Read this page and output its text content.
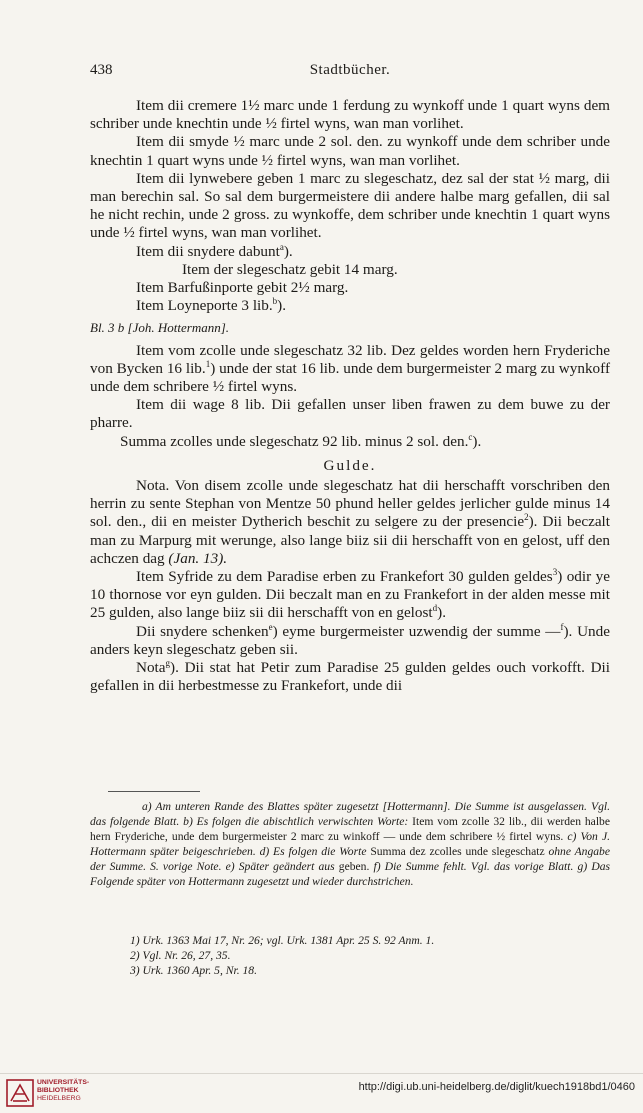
438	Stadtbücher.

Item dii cremere 1½ marc unde 1 ferdung zu wynkoff unde 1 quart wyns dem schriber unde knechtin unde ½ firtel wyns, wan man vorlihet.

Item dii smyde ½ marc unde 2 sol. den. zu wynkoff unde dem schriber unde knechtin 1 quart wyns unde ½ firtel wyns, wan man vorlihet.

Item dii lynwebere geben 1 marc zu slegeschatz, dez sal der stat ½ marg, dii man berechin sal. So sal dem burgermeistere dii andere halbe marg gefallen, dii sal he nicht rechin, unde 2 gross. zu wynkoffe, dem schriber unde knechtin 1 quart wyns unde ½ firtel wyns, wan man vorlihet.

Item dii snydere dabunt$^a$).

Item der slegeschatz gebit 14 marg.

Item Barfußinporte gebit 2½ marg.

Item Loyneporte 3 lib.$^b$).

Bl. 3 b [Joh. Hottermann].

Item vom zcolle unde slegeschatz 32 lib. Dez geldes worden hern Fryderiche von Bycken 16 lib.$^1$) unde der stat 16 lib. unde dem burgermeister 2 marg zu wynkoff unde dem schribere ½ firtel wyns.

Item dii wage 8 lib. Dii gefallen unser liben frawen zu dem buwe zu der pharre.

Summa zcolles unde slegeschatz 92 lib. minus 2 sol. den.$^c$).

Gulde.

Nota. Von disem zcolle unde slegeschatz hat dii herschafft vorschriben den herrin zu sente Stephan von Mentze 50 phund heller geldes jerlicher gulde minus 14 sol. den., dii en meister Dytherich beschit zu selgere zu der presencie$^2$). Dii beczalt man zu Marpurg mit werunge, also lange biiz sii dii herschafft von en gelost, uff den achczen dag (Jan. 13).

Item Syfride zu dem Paradise erben zu Frankefort 30 gulden geldes$^3$) odir ye 10 thornose vor eyn gulden. Dii beczalt man en zu Frankefort in der alden messe mit 25 gulden, also lange biiz sii dii herschafft von en gelost$^d$).

Dii snydere schenken$^e$) eyme burgermeister uzwendig der summe —$^f$). Unde anders keyn slegeschatz geben sii.

Nota$^g$). Dii stat hat Petir zum Paradise 25 gulden geldes ouch vorkofft. Dii gefallen in dii herbestmesse zu Frankefort, unde dii

a) Am unteren Rande des Blattes später zugesetzt [Hottermann]. Die Summe ist ausgelassen. Vgl. das folgende Blatt. b) Es folgen die abischtlich verwischten Worte: Item vom zcolle 32 lib., dii werden halbe hern Fryderiche, unde dem burgermeister 2 marc zu winkoff — unde dem schribere ½ firtel wyns. c) Von J. Hottermann später beigeschrieben. d) Es folgen die Worte Summa dez zcolles unde slegeschatz ohne Angabe der Summe. S. vorige Note. e) Später geändert aus geben. f) Die Summe fehlt. Vgl. das vorige Blatt. g) Das Folgende später von Hottermann zugesetzt und wieder durchstrichen.

1) Urk. 1363 Mai 17, Nr. 26; vgl. Urk. 1381 Apr. 25 S. 92 Anm. 1.
2) Vgl. Nr. 26, 27, 35.
3) Urk. 1360 Apr. 5, Nr. 18.
UNIVERSITÄTS-
BIBLIOTHEK
HEIDELBERG
http://digi.ub.uni-heidelberg.de/diglit/kuech1918bd1/0460
